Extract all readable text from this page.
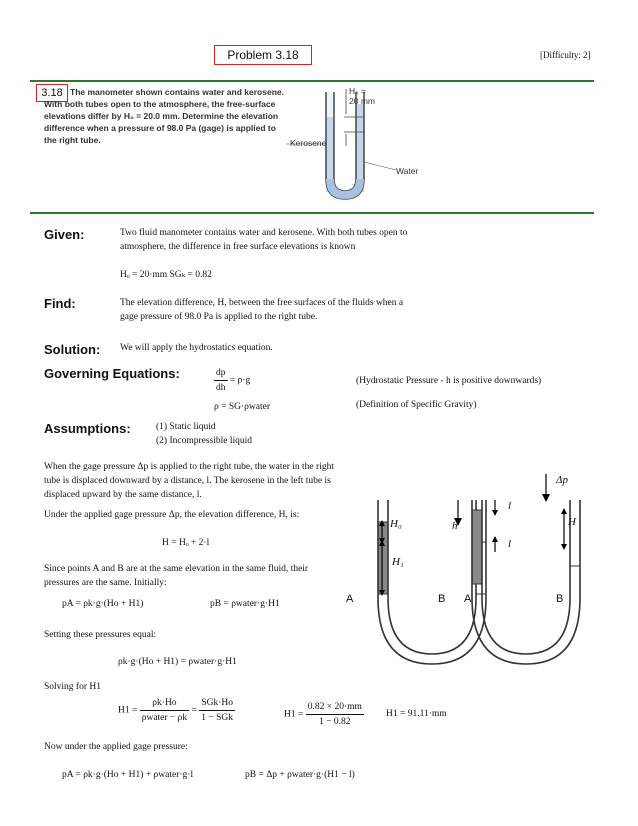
Problem 3.18	[Difficulty: 2]
3.18 The manometer shown contains water and kerosene. With both tubes open to the atmosphere, the free-surface elevations differ by H₀ = 20.0 mm. Determine the elevation difference when a pressure of 98.0 Pa (gage) is applied to the right tube.
H₀ =
20 mm
Kerosene
Water
Given:	Two fluid manometer contains water and kerosene. With both tubes open to atmosphere, the difference in free surface elevations is known
Hₒ = 20·mm SGₖ = 0.82
Find:	The elevation difference, H, between the free surfaces of the fluids when a gage pressure of 98.0 Pa is applied to the right tube.
Solution: We will apply the hydrostatics equation.
Governing Equations:	$\frac{dp}{dh} = \rho\cdot g$	(Hydrostatic Pressure - h is positive downwards)
ρ = SG·ρwater	(Definition of Specific Gravity)
Assumptions:	(1) Static liquid
(2) Incompressible liquid
When the gage pressure Δp is applied to the right tube, the water in the right tube is displaced downward by a distance, l. The kerosene in the left tube is displaced upward by the same distance, l.
Under the applied gage pressure Δp, the elevation difference, H, is:
H = Hₒ + 2·l
Since points A and B are at the same elevation in the same fluid, their pressures are the same. Initially:
pA = ρk·g·(Ho + H1)	pB = ρwater·g·H1
Setting these pressures equal:
ρk·g·(Ho + H1) = ρwater·g·H1
Solving for H1
$H1 = \frac{\rho k\cdot Ho}{\text{ρwater − ρk}} = \frac{\text{SGk·Ho}}{\text{1 − SGk}}$	$H1 = \frac{0.82 \times 20\cdot mm}{1 - 0.82} H1 = 91.11\cdot mm$
Now under the applied gage pressure:
pA = ρk·g·(Ho + H1) + ρwater·g·l	pB = Δp + ρwater·g·(H1 − l)
H₀
H₁
h
A	B
Δp
l
l
H
A	B
